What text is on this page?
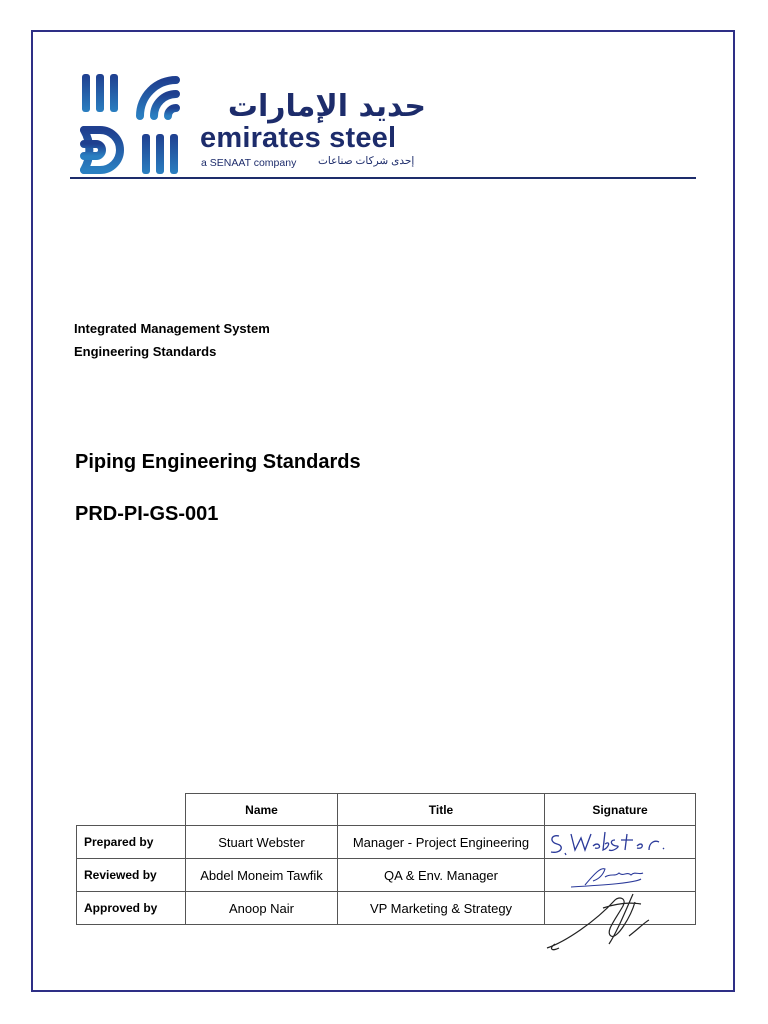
حديد الإمارات
emirates steel
a SENAAT company إحدى شركات صناعات
Integrated Management System
Engineering Standards
Piping Engineering Standards
PRD-PI-GS-001
	Name	Title	Signature
Prepared by	Stuart Webster	Manager - Project Engineering	

Reviewed by	Abdel Moneim Tawfik	QA & Env. Manager	

Approved by	Anoop Nair	VP Marketing & Strategy	
